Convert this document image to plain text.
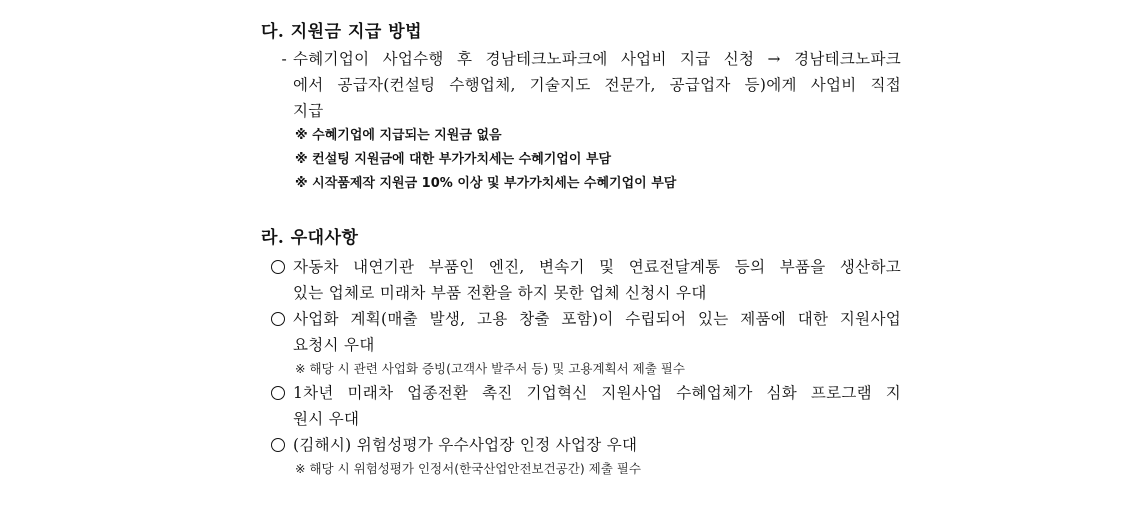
다. 지원금 지급 방법
- 수혜기업이 사업수행 후 경남테크노파크에 사업비 지급 신청 → 경남테크노파크
에서 공급자(컨설팅 수행업체, 기술지도 전문가, 공급업자 등)에게 사업비 직접
지급
※ 수혜기업에 지급되는 지원금 없음
※ 컨설팅 지원금에 대한 부가가치세는 수혜기업이 부담
※ 시작품제작 지원금 10% 이상 및 부가가치세는 수혜기업이 부담
라. 우대사항
자동차 내연기관 부품인 엔진, 변속기 및 연료전달계통 등의 부품을 생산하고
있는 업체로 미래차 부품 전환을 하지 못한 업체 신청시 우대
사업화 계획(매출 발생, 고용 창출 포함)이 수립되어 있는 제품에 대한 지원사업
요청시 우대
※ 해당 시 관련 사업화 증빙(고객사 발주서 등) 및 고용계획서 제출 필수
1차년 미래차 업종전환 촉진 기업혁신 지원사업 수혜업체가 심화 프로그램 지
원시 우대
(김해시) 위험성평가 우수사업장 인정 사업장 우대
※ 해당 시 위험성평가 인정서(한국산업안전보건공간) 제출 필수
